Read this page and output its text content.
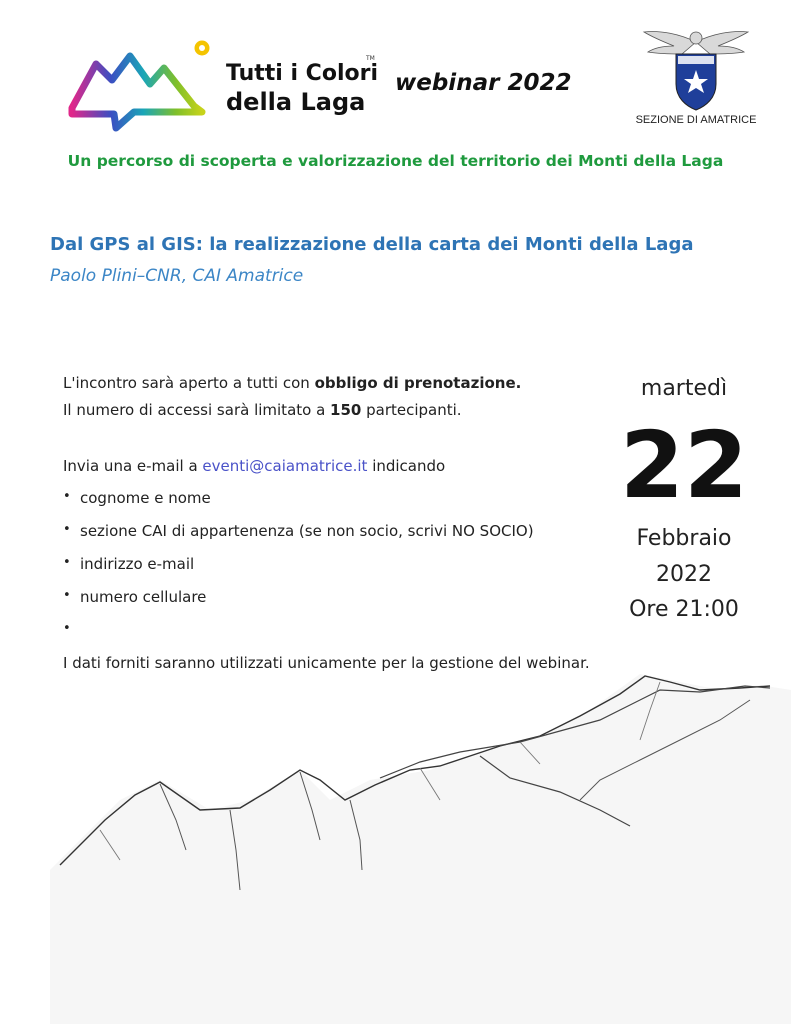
Tutti i Colori
della Laga
TM
webinar 2022
SEZIONE DI AMATRICE
Un percorso di scoperta e valorizzazione del territorio dei Monti della Laga
Dal GPS al GIS: la realizzazione della carta dei Monti della Laga
Paolo Plini–CNR, CAI Amatrice
L'incontro sarà aperto a tutti con obbligo di prenotazione.
Il numero di accessi sarà limitato a 150 partecipanti.
Invia una e-mail a eventi@caiamatrice.it indicando
• cognome e nome
• sezione CAI di appartenenza (se non socio, scrivi NO SOCIO)
• indirizzo e-mail
• numero cellulare
•
I dati forniti saranno utilizzati unicamente per la gestione del webinar.
martedì
22
Febbraio
2022
Ore 21:00
